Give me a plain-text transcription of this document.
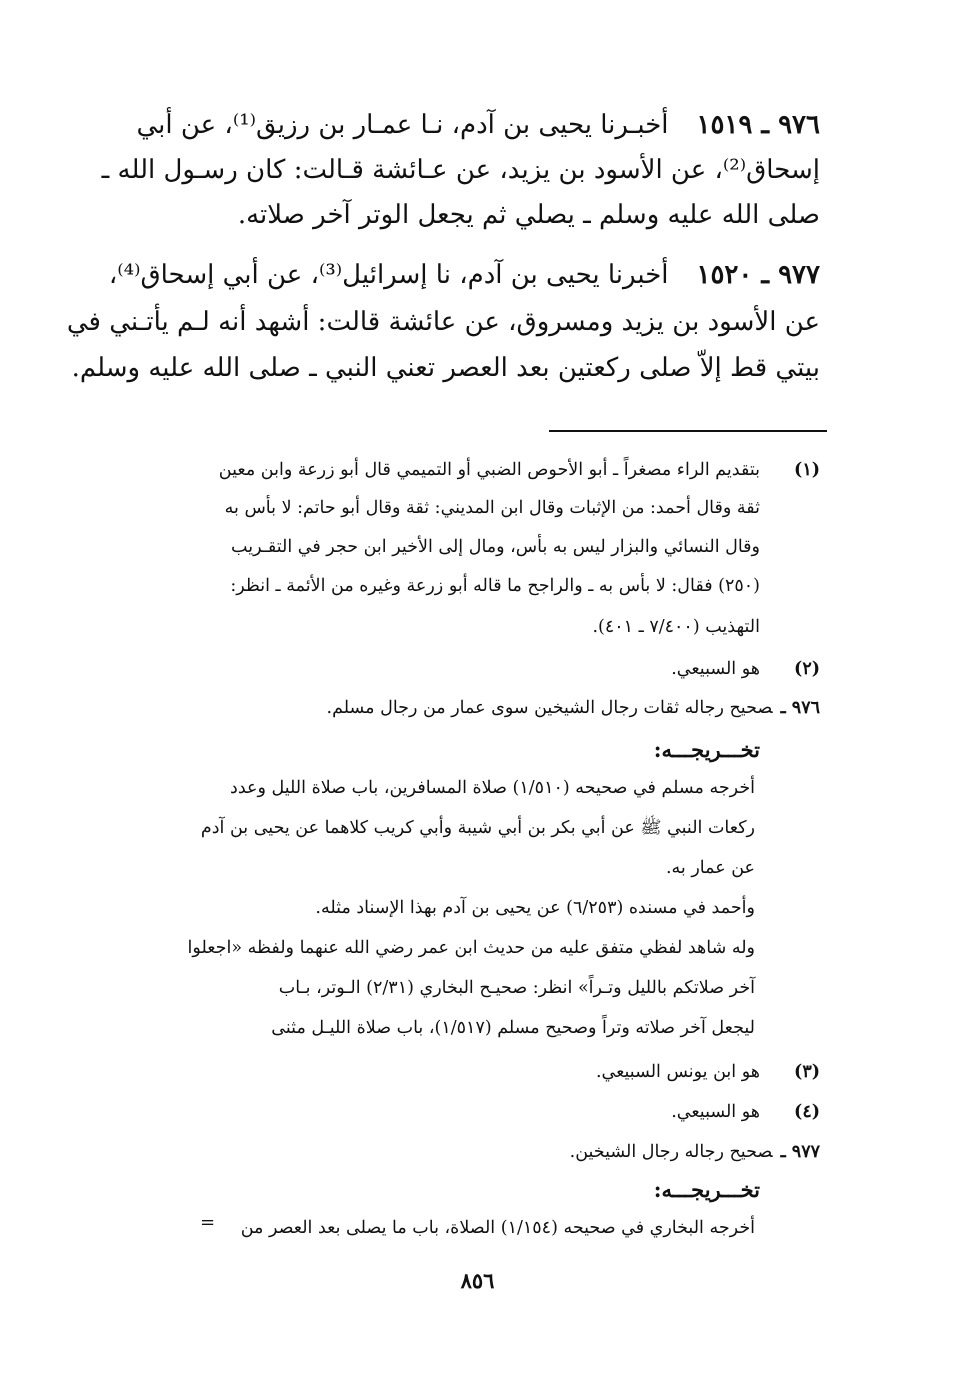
٩٧٦ ـ ١٥١٩أخبـرنا يحيى بن آدم، نـا عمـار بن رزيق⁽¹⁾، عن أبي
إسحاق⁽²⁾، عن الأسود بن يزيد، عن عـائشة قـالت: كان رسـول الله ـ
صلى الله عليه وسلم ـ يصلي ثم يجعل الوتر آخر صلاته.
٩٧٧ ـ ١٥٢٠أخبرنا يحيى بن آدم، نا إسرائيل⁽³⁾، عن أبي إسحاق⁽⁴⁾،
عن الأسود بن يزيد ومسروق، عن عائشة قالت: أشهد أنه لـم يأتـني في
بيتي قط إلاّ صلى ركعتين بعد العصر تعني النبي ـ صلى الله عليه وسلم.
(١)
بتقديم الراء مصغراً ـ أبو الأحوص الضبي أو التميمي قال أبو زرعة وابن معين
ثقة وقال أحمد: من الإثبات وقال ابن المديني: ثقة وقال أبو حاتم: لا بأس به
وقال النسائي والبزار ليس به بأس، ومال إلى الأخير ابن حجر في التقـريب
(٢٥٠) فقال: لا بأس به ـ والراجح ما قاله أبو زرعة وغيره من الأئمة ـ انظر:
التهذيب (٧/٤٠٠ ـ ٤٠١).
(٢)
هو السبيعي.
٩٧٦ ـصحيح رجاله ثقات رجال الشيخين سوى عمار من رجال مسلم.
تخـــريجـــه:
أخرجه مسلم في صحيحه (١/٥١٠) صلاة المسافرين، باب صلاة الليل وعدد
ركعات النبي ﷺ عن أبي بكر بن أبي شيبة وأبي كريب كلاهما عن يحيى بن آدم
عن عمار به.
وأحمد في مسنده (٦/٢٥٣) عن يحيى بن آدم بهذا الإسناد مثله.
وله شاهد لفظي متفق عليه من حديث ابن عمر رضي الله عنهما ولفظه «اجعلوا
آخر صلاتكم بالليل وتـراً» انظر: صحيـح البخاري (٢/٣١) الـوتر، بـاب
ليجعل آخر صلاته وتراً وصحيح مسلم (١/٥١٧)، باب صلاة الليـل مثنى
(٣)
هو ابن يونس السبيعي.
(٤)
هو السبيعي.
٩٧٧ ـصحيح رجاله رجال الشيخين.
تخـــريجـــه:
أخرجه البخاري في صحيحه (١/١٥٤) الصلاة، باب ما يصلى بعد العصر من
=
٨٥٦
